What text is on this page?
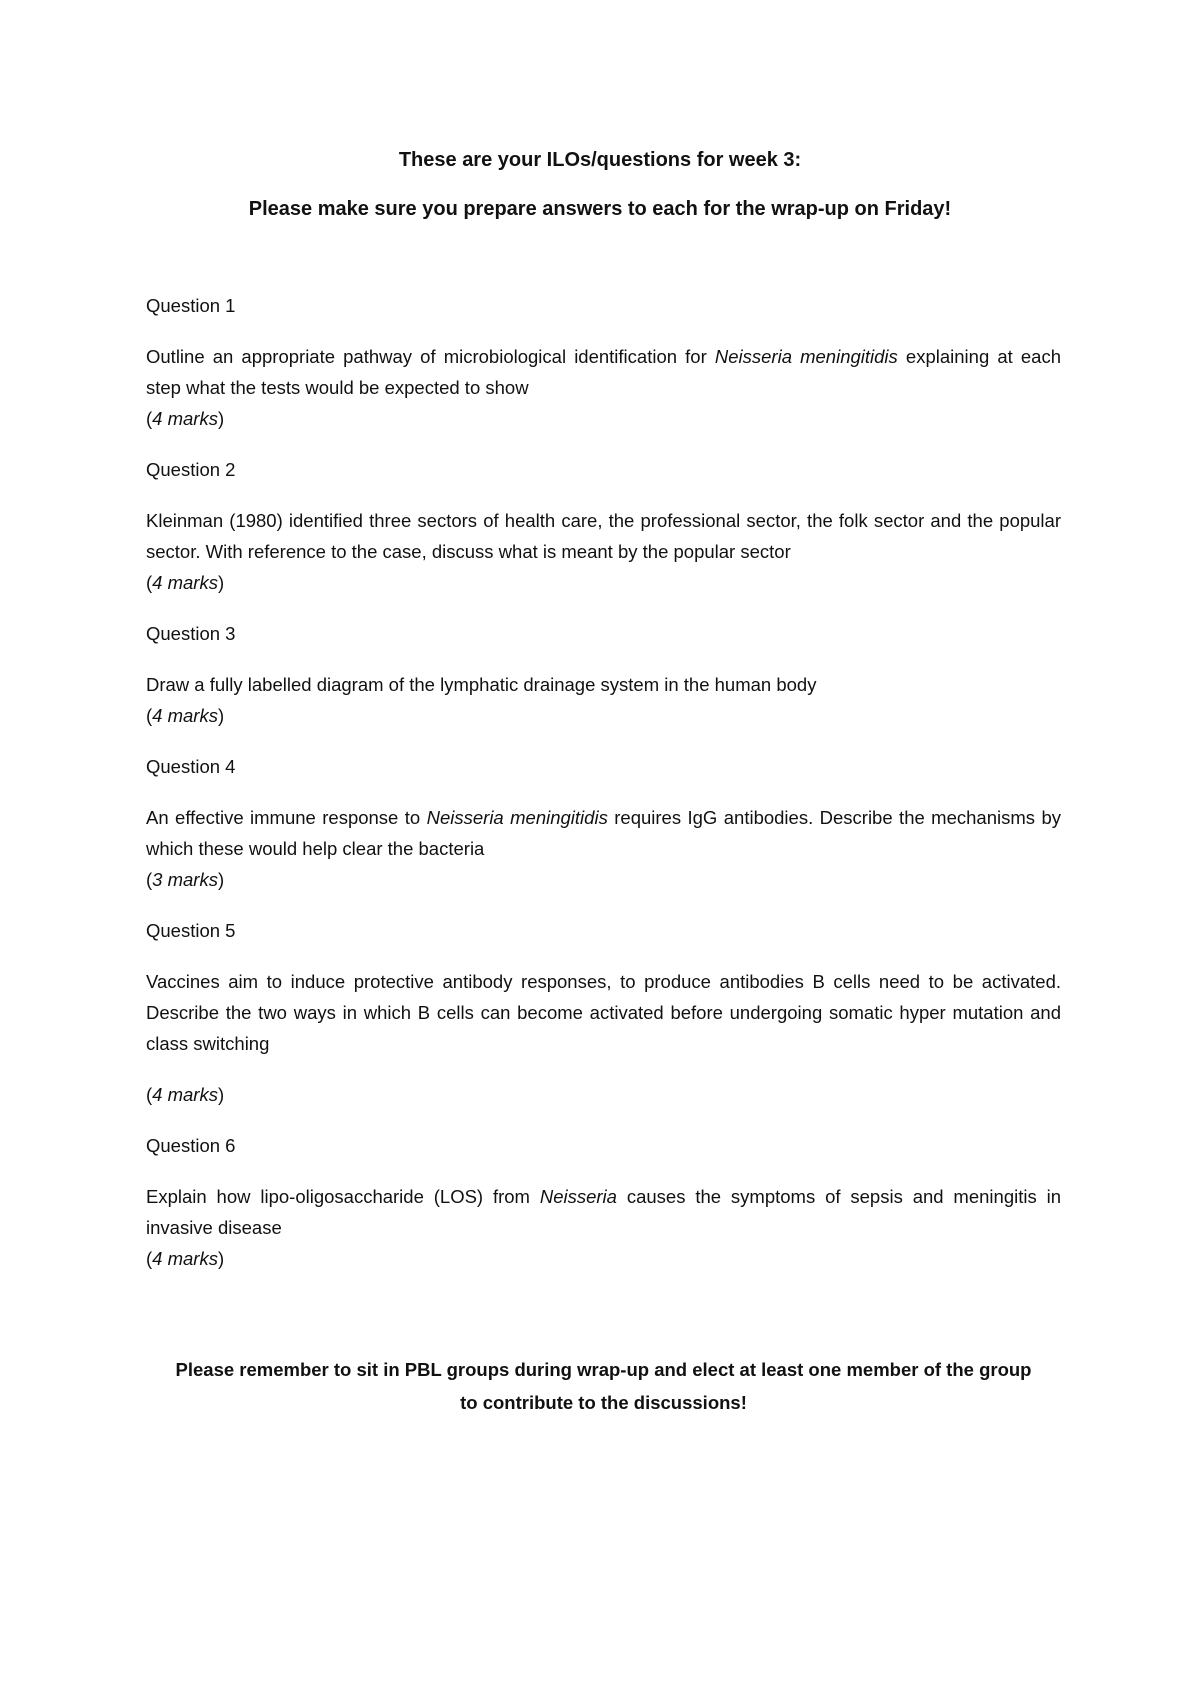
These are your ILOs/questions for week 3:
Please make sure you prepare answers to each for the wrap-up on Friday!

Question 1

Outline an appropriate pathway of microbiological identification for Neisseria meningitidis explaining at each step what the tests would be expected to show

(4 marks)

Question 2

Kleinman (1980) identified three sectors of health care, the professional sector, the folk sector and the popular sector. With reference to the case, discuss what is meant by the popular sector

(4 marks)

Question 3

Draw a fully labelled diagram of the lymphatic drainage system in the human body

(4 marks)

Question 4

An effective immune response to Neisseria meningitidis requires IgG antibodies. Describe the mechanisms by which these would help clear the bacteria

(3 marks)

Question 5

Vaccines aim to induce protective antibody responses, to produce antibodies B cells need to be activated. Describe the two ways in which B cells can become activated before undergoing somatic hyper mutation and class switching

(4 marks)

Question 6

Explain how lipo-oligosaccharide (LOS) from Neisseria causes the symptoms of sepsis and meningitis in invasive disease

(4 marks)

Please remember to sit in PBL groups during wrap-up and elect at least one member of the group
to contribute to the discussions!
